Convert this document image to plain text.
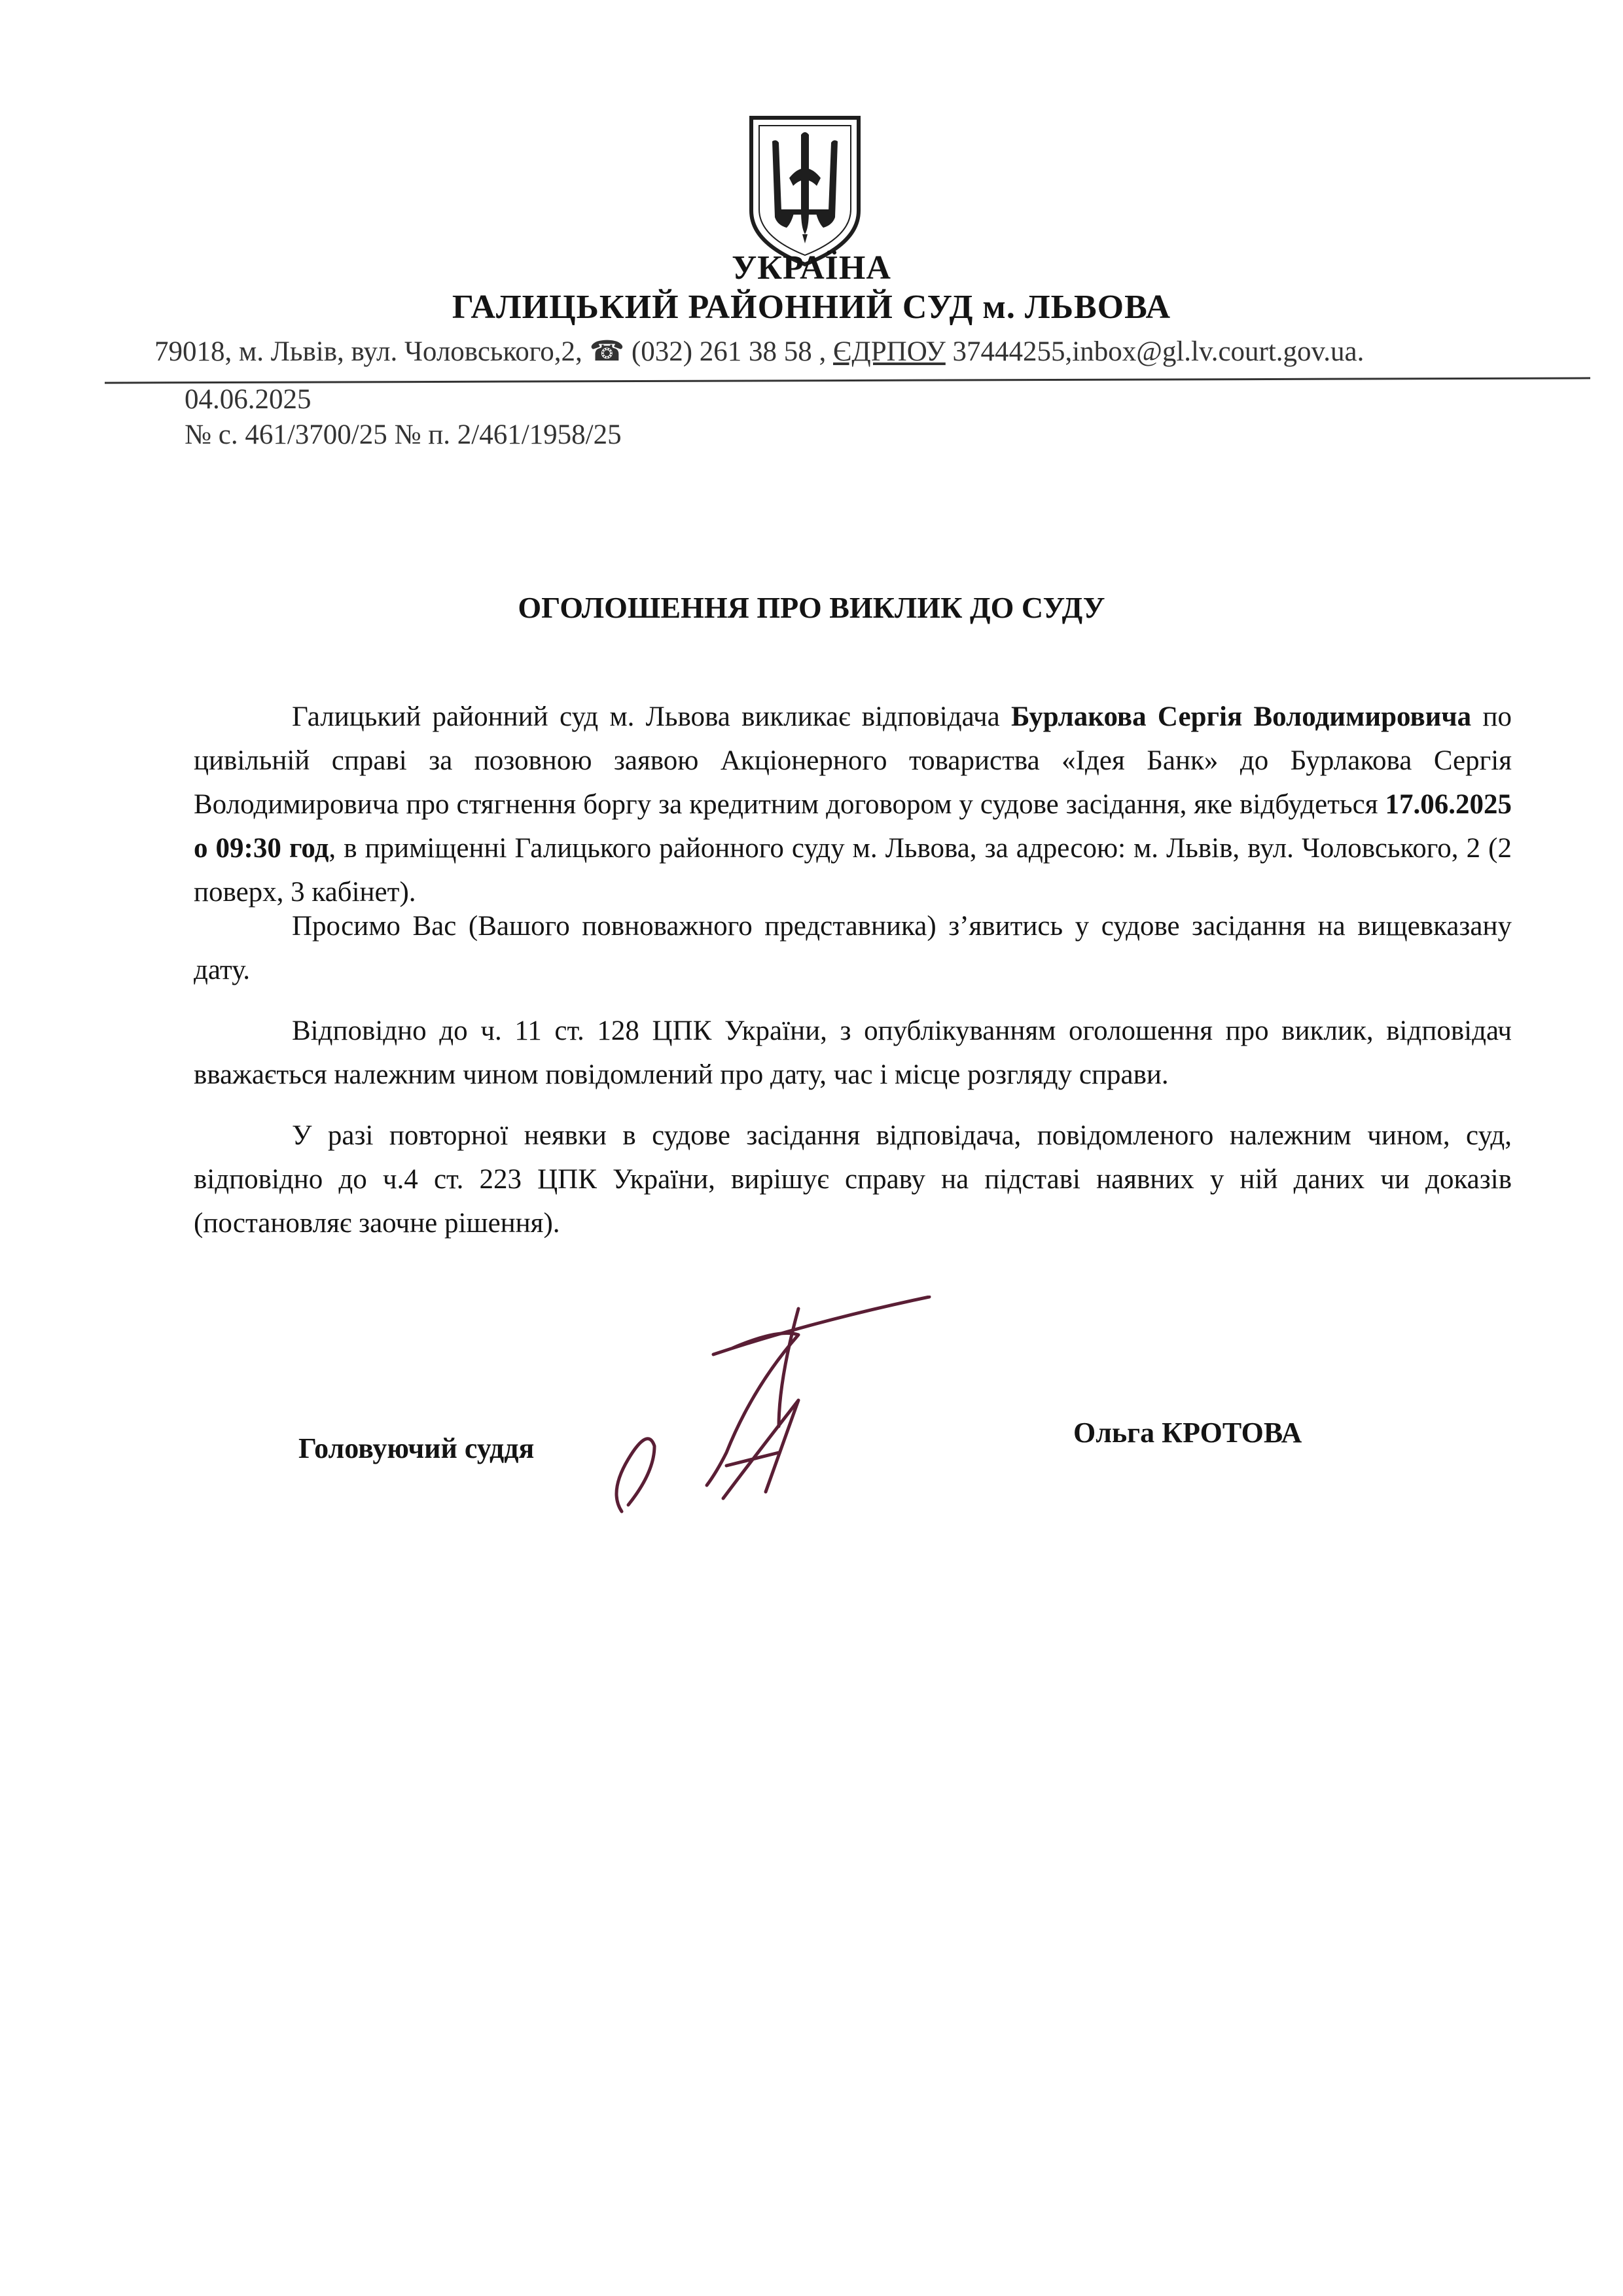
УКРАЇНА
ГАЛИЦЬКИЙ РАЙОННИЙ СУД м. ЛЬВОВА
79018, м. Львів, вул. Чоловського,2, ☎ (032) 261 38 58 , ЄДРПОУ 37444255,inbox@gl.lv.court.gov.ua.
04.06.2025
№ с. 461/3700/25 № п. 2/461/1958/25
ОГОЛОШЕННЯ ПРО ВИКЛИК ДО СУДУ

Галицький районний суд м. Львова викликає відповідача Бурлакова Сергія Володимировича по цивільній справі за позовною заявою Акціонерного товариства «Ідея Банк» до Бурлакова Сергія Володимировича про стягнення боргу за кредитним договором у судове засідання, яке відбудеться 17.06.2025 о 09:30 год, в приміщенні Галицького районного суду м. Львова, за адресою: м. Львів, вул. Чоловського, 2 (2 поверх, 3 кабінет).

Просимо Вас (Вашого повноважного представника) з’явитись у судове засідання на вищевказану дату.

Відповідно до ч. 11 ст. 128 ЦПК України, з опублікуванням оголошення про виклик, відповідач вважається належним чином повідомлений про дату, час і місце розгляду справи.

У разі повторної неявки в судове засідання відповідача, повідомленого належним чином, суд, відповідно до ч.4 ст. 223 ЦПК України, вирішує справу на підставі наявних у ній даних чи доказів (постановляє заочне рішення).

Головуючий суддя	Ольга КРОТОВА
